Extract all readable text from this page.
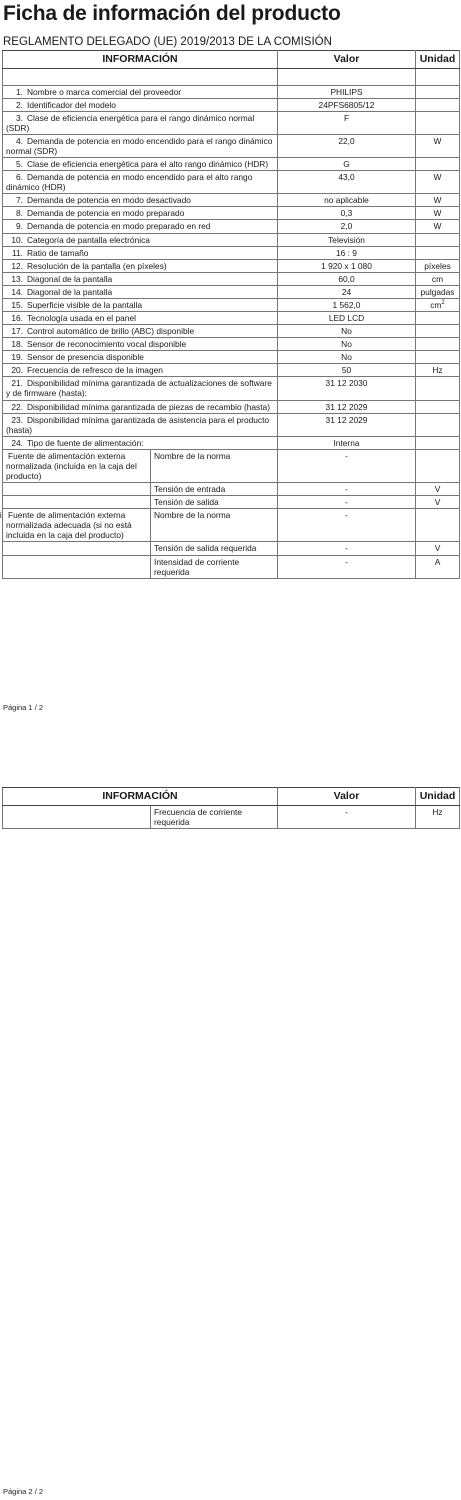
Ficha de información del producto
REGLAMENTO DELEGADO (UE) 2019/2013 DE LA COMISIÓN
INFORMACIÓN		Valor	Unidad

1. Nombre o marca comercial del proveedor		PHILIPS	
2. Identificador del modelo		24PFS6805/12	
3. Clase de eficiencia energética para el rango dinámico normal (SDR)		F	
4. Demanda de potencia en modo encendido para el rango dinámico normal (SDR)		22,0	W
5. Clase de eficiencia energética para el alto rango dinámico (HDR)		G	
6. Demanda de potencia en modo encendido para el alto rango dinámico (HDR)		43,0	W
7. Demanda de potencia en modo desactivado		no aplicable	W
8. Demanda de potencia en modo preparado		0,3	W
9. Demanda de potencia en modo preparado en red		2,0	W
10. Categoría de pantalla electrónica		Televisión	
11. Ratio de tamaño		16 : 9	
12. Resolución de la pantalla (en píxeles)		1 920 x 1 080	píxeles
13. Diagonal de la pantalla		60,0	cm
14. Diagonal de la pantalla		24	pulgadas
15. Superficie visible de la pantalla		1 562,0	$cm^2$
16. Tecnología usada en el panel		LED LCD	
17. Control automático de brillo (ABC) disponible		No	
18. Sensor de reconocimiento vocal disponible		No	
19. Sensor de presencia disponible		No	
20. Frecuencia de refresco de la imagen		50	Hz
21. Disponibilidad mínima garantizada de actualizaciones de software y de firmware (hasta):		31 12 2030	
22. Disponibilidad mínima garantizada de piezas de recambio (hasta)		31 12 2029	
23. Disponibilidad mínima garantizada de asistencia para el producto (hasta)		31 12 2029	
24. Tipo de fuente de alimentación:		Interna	
Fuente de alimentación externa normalizada (incluida en la caja del producto)	Nombre de la norma	-	
	Tensión de entrada	-	V
	Tensión de salida	-	V
Fuente de alimentación externa normalizada adecuada (si no está incluida en la caja del producto)	Nombre de la norma	-	
	Tensión de salida requerida	-	V
	Intensidad de corriente requerida	-	A
Página 1 / 2
INFORMACIÓN		Valor	Unidad
	Frecuencia de corriente requerida	-	Hz
Página 2 / 2
